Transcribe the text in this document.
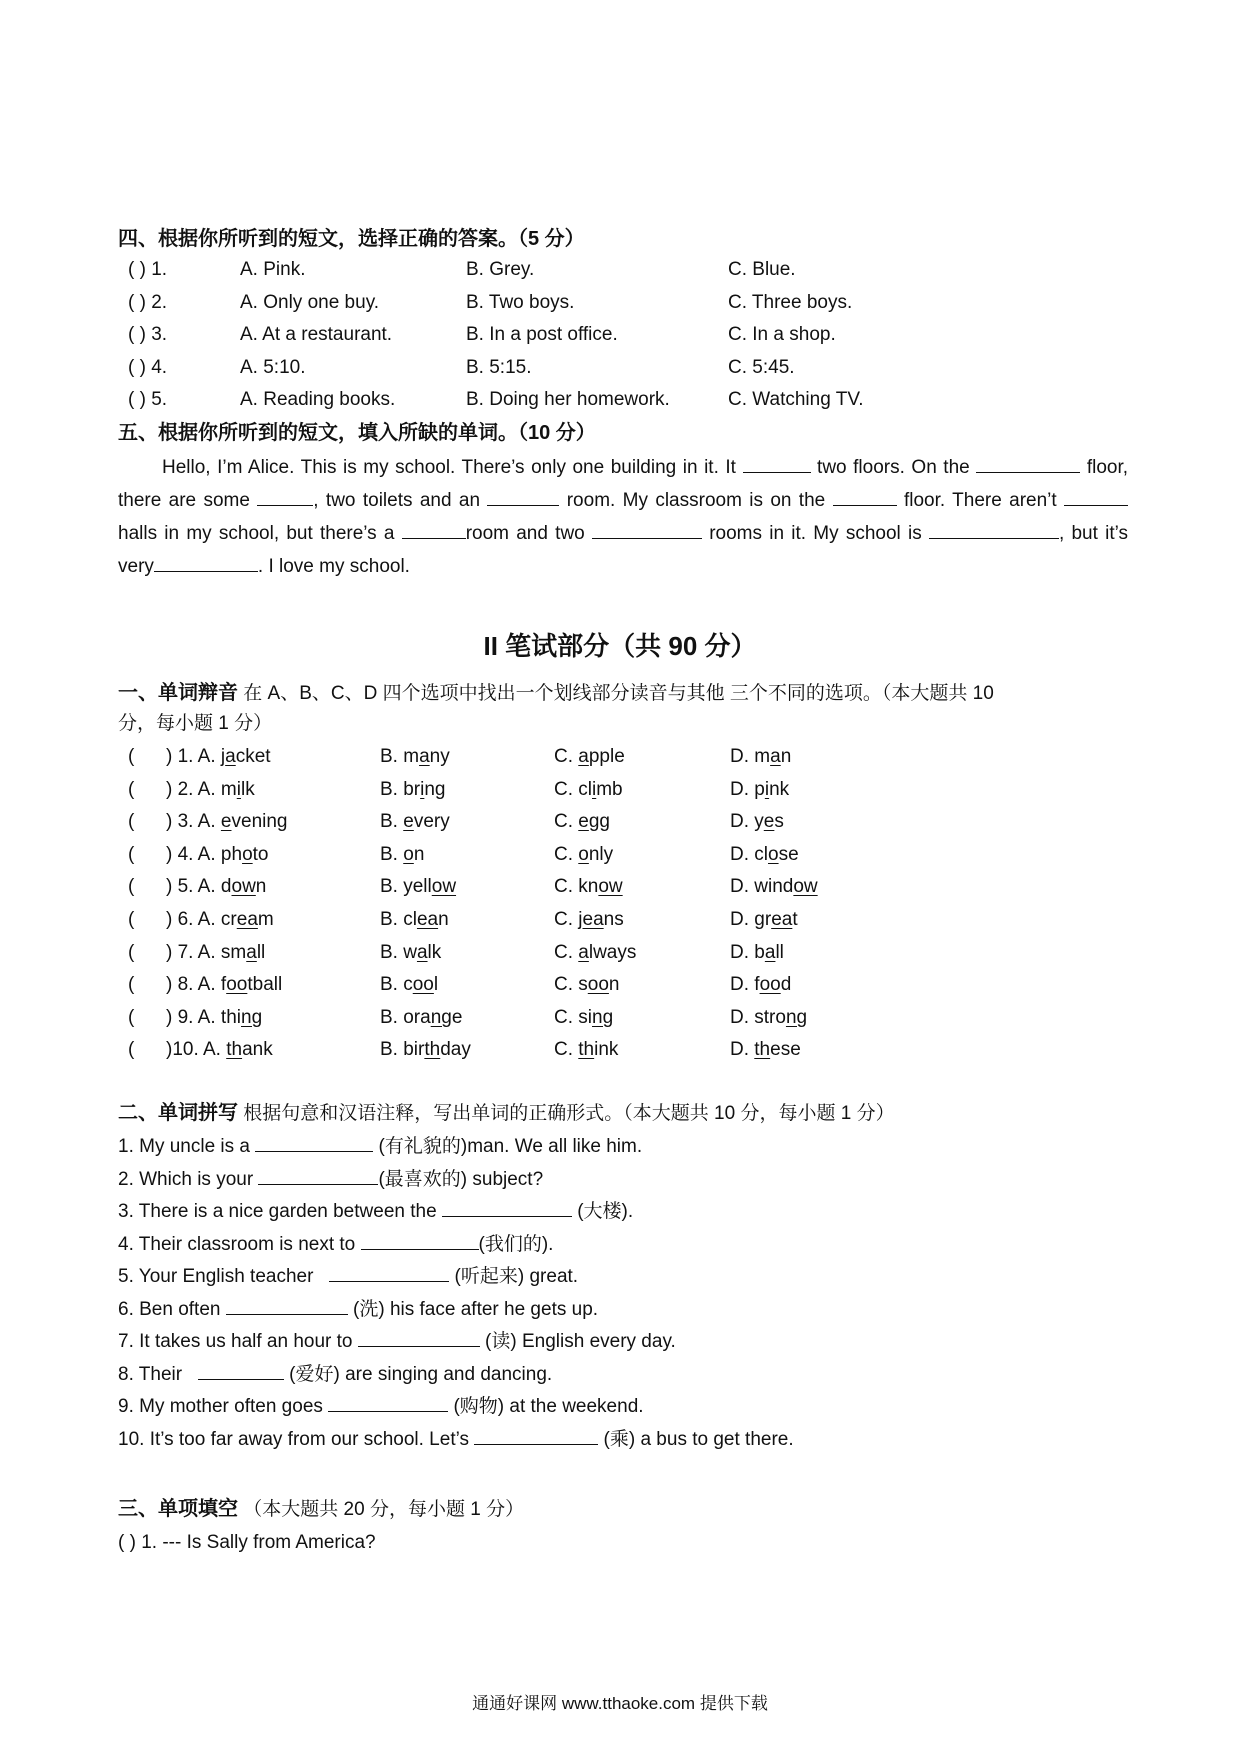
四、根据你所听到的短文，选择正确的答案。（5 分）
( ) 1.	A. Pink.	B. Grey.	C. Blue.
( ) 2.	A. Only one buy.	B. Two boys.	C. Three boys.
( ) 3.	A. At a restaurant.	B. In a post office.	C. In a shop.
( ) 4.	A. 5:10.	B. 5:15.	C. 5:45.
( ) 5.	A. Reading books.	B. Doing her homework.	C. Watching TV.
五、根据你所听到的短文，填入所缺的单词。（10 分）
Hello, I’m Alice. This is my school. There’s only one building in it. It	two floors. On the	floor, there are some	, two toilets and an	room. My classroom is on the	floor. There aren’t  halls in my school, but there’s a	room and two	rooms in it. My school is	, but it’s very	. I love my school.
II 笔试部分（共 90 分）
一、单词辩音 在 A、B、C、D 四个选项中找出一个划线部分读音与其他 三个不同的选项。（本大题共 10
分，每小题 1 分）
( ) 1. A. jacket	B. many	C. apple	D. man
( ) 2. A. milk	B. bring	C. climb	D. pink
( ) 3. A. evening	B. every	C. egg	D. yes
( ) 4. A. photo	B. on	C. only	D. close
( ) 5. A. down	B. yellow	C. know	D. window
( ) 6. A. cream	B. clean	C. jeans	D. great
( ) 7. A. small	B. walk	C. always	D. ball
( ) 8. A. football	B. cool	C. soon	D. food
( ) 9. A. thing	B. orange	C. sing	D. strong
( )10. A. thank	B. birthday	C. think	D. these
二、单词拼写 根据句意和汉语注释，写出单词的正确形式。（本大题共 10 分，每小题 1 分）
1. My uncle is a	(有礼貌的)man. We all like him.
2. Which is your	(最喜欢的) subject?
3. There is a nice garden between the	(大楼).
4. Their classroom is next to	(我们的).
5. Your English teacher	(听起来) great.
6. Ben often	(洗) his face after he gets up.
7. It takes us half an hour to	(读) English every day.
8. Their	(爱好) are singing and dancing.
9. My mother often goes	(购物) at the weekend.
10. It’s too far away from our school. Let’s	(乘) a bus to get there.
三、单项填空 （本大题共 20 分，每小题 1 分）
( ) 1. --- Is Sally from America?
通通好课网 www.tthaoke.com 提供下载
